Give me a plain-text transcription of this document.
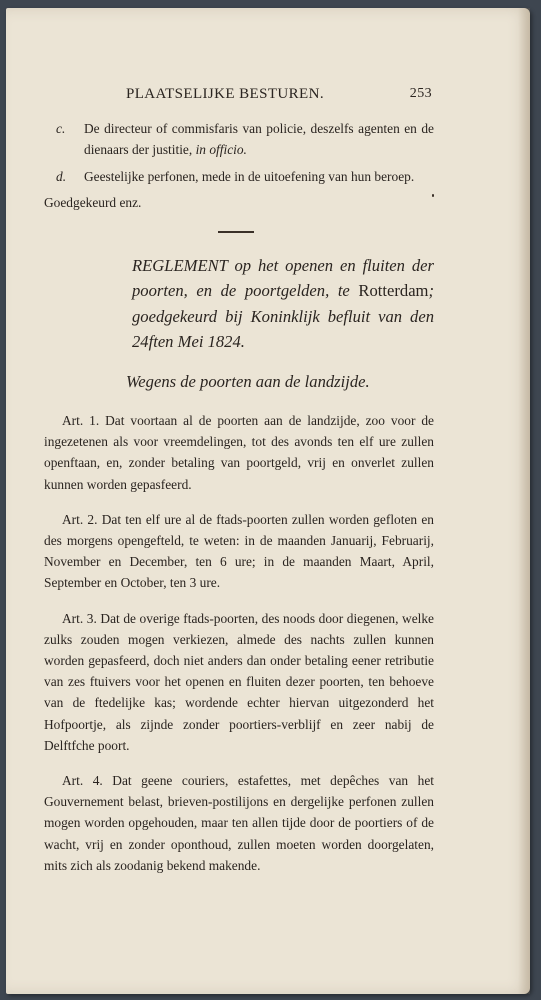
PLAATSELIJKE BESTUREN.	253

c. De directeur of commisfaris van policie, deszelfs agenten en de dienaars der justitie, in officio.

d. Geestelijke perfonen, mede in de uitoefening van hun beroep.

Goedgekeurd enz.

REGLEMENT op het openen en fluiten der poorten, en de poortgelden, te Rotterdam; goedgekeurd bij Koninklijk befluit van den 24ften Mei 1824.

Wegens de poorten aan de landzijde.

Art. 1. Dat voortaan al de poorten aan de landzijde, zoo voor de ingezetenen als voor vreemdelingen, tot des avonds ten elf ure zullen openftaan, en, zonder betaling van poortgeld, vrij en onverlet zullen kunnen worden gepasfeerd.

Art. 2. Dat ten elf ure al de ftads-poorten zullen worden gefloten en des morgens opengefteld, te weten: in de maanden Januarij, Februarij, November en December, ten 6 ure; in de maanden Maart, April, September en October, ten 3 ure.

Art. 3. Dat de overige ftads-poorten, des noods door diegenen, welke zulks zouden mogen verkiezen, almede des nachts zullen kunnen worden gepasfeerd, doch niet anders dan onder betaling eener retributie van zes ftuivers voor het openen en fluiten dezer poorten, ten behoeve van de ftedelijke kas; wordende echter hiervan uitgezonderd het Hofpoortje, als zijnde zonder poortiers-verblijf en zeer nabij de Delftfche poort.

Art. 4. Dat geene couriers, estafettes, met depêches van het Gouvernement belast, brieven-postilijons en dergelijke perfonen zullen mogen worden opgehouden, maar ten allen tijde door de poortiers of de wacht, vrij en zonder oponthoud, zullen moeten worden doorgelaten, mits zich als zoodanig bekend makende.
